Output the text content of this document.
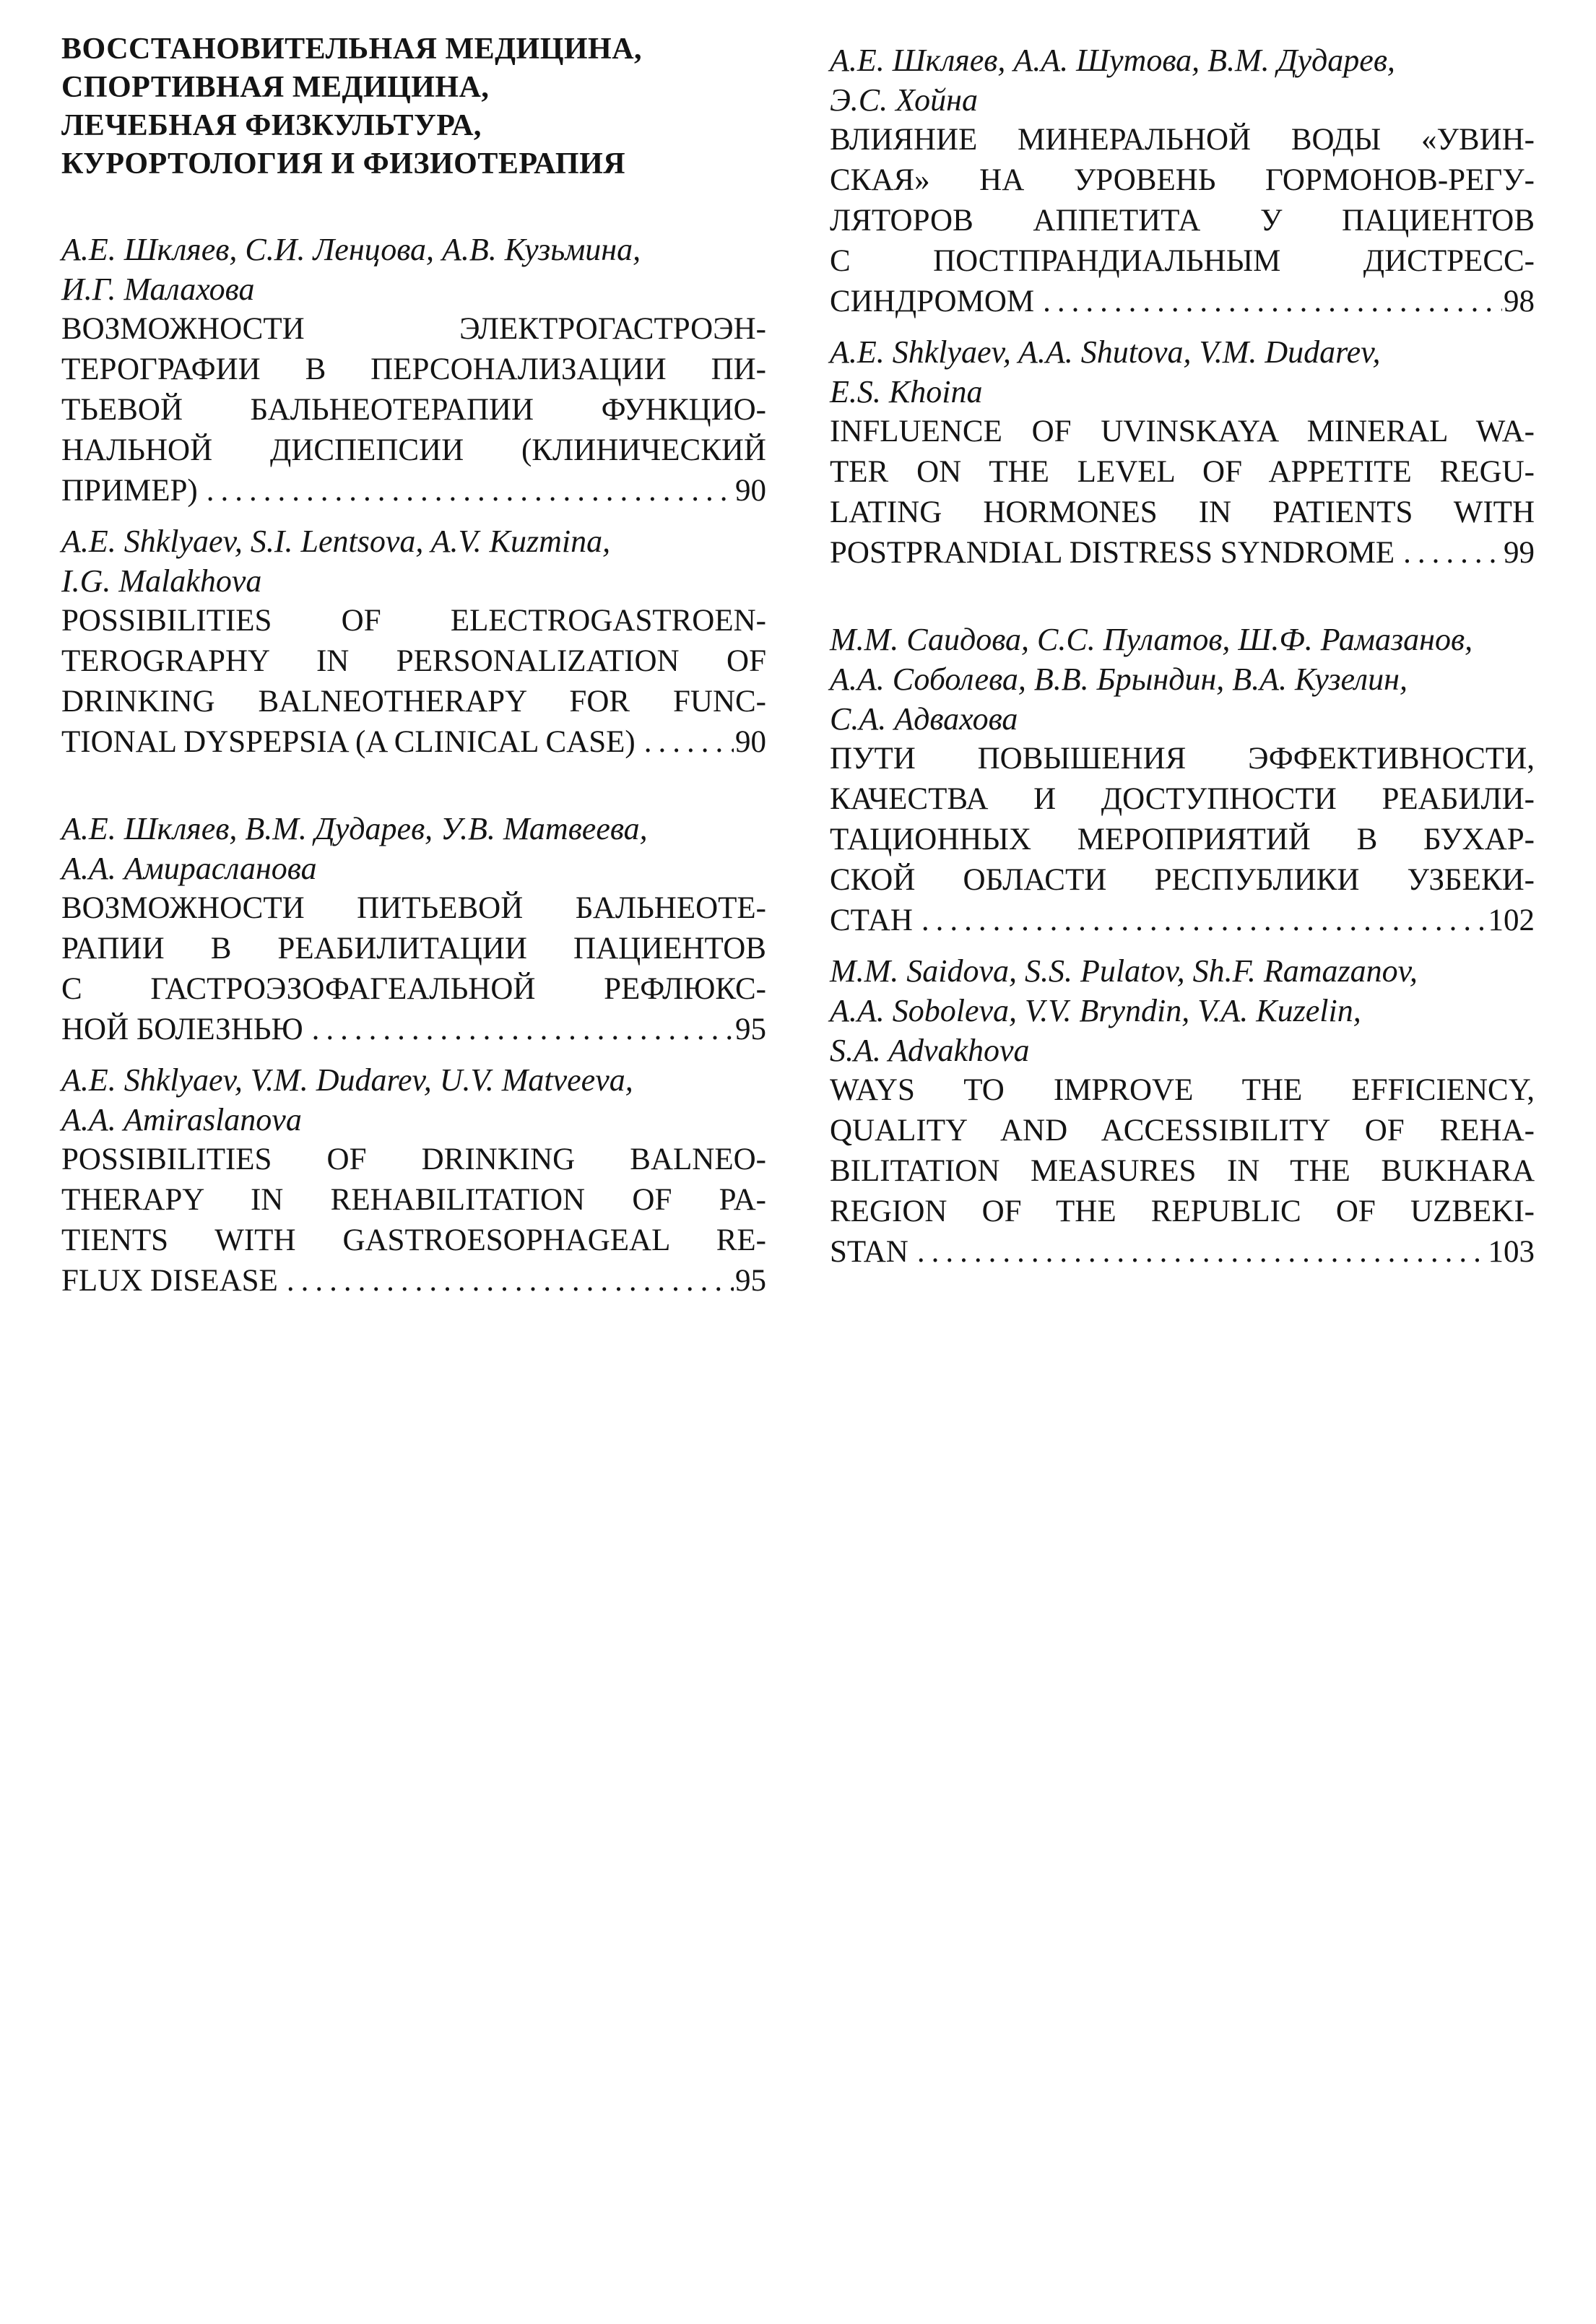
ВОССТАНОВИТЕЛЬНАЯ МЕДИЦИНА,
СПОРТИВНАЯ МЕДИЦИНА,
ЛЕЧЕБНАЯ ФИЗКУЛЬТУРА,
КУРОРТОЛОГИЯ И ФИЗИОТЕРАПИЯ
А.Е. Шкляев, С.И. Ленцова, А.В. Кузьмина,
И.Г. Малахова
ВОЗМОЖНОСТИ ЭЛЕКТРОГАСТРОЭН-
ТЕРОГРАФИИ В ПЕРСОНАЛИЗАЦИИ ПИ-
ТЬЕВОЙ БАЛЬНЕОТЕРАПИИ ФУНКЦИО-
НАЛЬНОЙ ДИСПЕПСИИ (КЛИНИЧЕСКИЙ
ПРИМЕР) .....	90
A.E. Shklyaev, S.I. Lentsova, A.V. Kuzmina,
I.G. Malakhova
POSSIBILITIES OF ELECTROGASTROEN-
TEROGRAPHY IN PERSONALIZATION OF
DRINKING BALNEOTHERAPY FOR FUNC-
TIONAL DYSPEPSIA (A CLINICAL CASE) .....	90
А.Е. Шкляев, В.М. Дударев, У.В. Матвеева,
А.А. Амирасланова
ВОЗМОЖНОСТИ ПИТЬЕВОЙ БАЛЬНЕОТЕ-
РАПИИ В РЕАБИЛИТАЦИИ ПАЦИЕНТОВ
С ГАСТРОЭЗОФАГЕАЛЬНОЙ РЕФЛЮКС-
НОЙ БОЛЕЗНЬЮ .....	95
A.E. Shklyaev, V.M. Dudarev, U.V. Matveeva,
A.A. Amiraslanova
POSSIBILITIES OF DRINKING BALNEO-
THERAPY IN REHABILITATION OF PA-
TIENTS WITH GASTROESOPHAGEAL RE-
FLUX DISEASE .....	95
А.Е. Шкляев, А.А. Шутова, В.М. Дударев,
Э.С. Хойна
ВЛИЯНИЕ МИНЕРАЛЬНОЙ ВОДЫ «УВИН-
СКАЯ» НА УРОВЕНЬ ГОРМОНОВ-РЕГУ-
ЛЯТОРОВ АППЕТИТА У ПАЦИЕНТОВ
С ПОСТПРАНДИАЛЬНЫМ ДИСТРЕСС-
СИНДРОМОМ .....	98
A.E. Shklyaev, A.A. Shutova, V.M. Dudarev,
E.S. Khoina
INFLUENCE OF UVINSKAYA MINERAL WA-
TER ON THE LEVEL OF APPETITE REGU-
LATING HORMONES IN PATIENTS WITH
POSTPRANDIAL DISTRESS SYNDROME .....	99
М.М. Саидова, С.С. Пулатов, Ш.Ф. Рамазанов,
А.А. Соболева, В.В. Брындин, В.А. Кузелин,
С.А. Адвахова
ПУТИ ПОВЫШЕНИЯ ЭФФЕКТИВНОСТИ,
КАЧЕСТВА И ДОСТУПНОСТИ РЕАБИЛИ-
ТАЦИОННЫХ МЕРОПРИЯТИЙ В БУХАР-
СКОЙ ОБЛАСТИ РЕСПУБЛИКИ УЗБЕКИ-
СТАН .....	102
M.M. Saidova, S.S. Pulatov, Sh.F. Ramazanov,
A.A. Soboleva, V.V. Bryndin, V.A. Kuzelin,
S.A. Advakhova
WAYS TO IMPROVE THE EFFICIENCY,
QUALITY AND ACCESSIBILITY OF REHA-
BILITATION MEASURES IN THE BUKHARA
REGION OF THE REPUBLIC OF UZBEKI-
STAN .....	103
